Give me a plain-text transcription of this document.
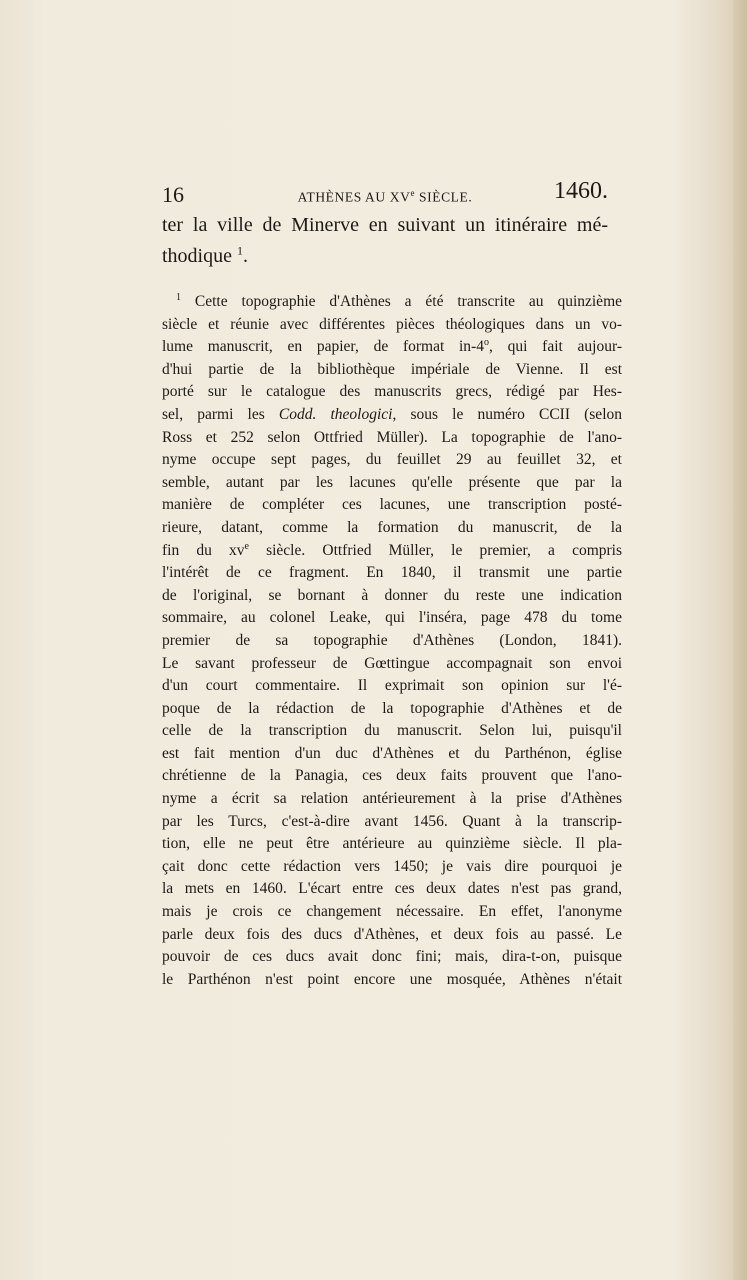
16	ATHÈNES AU XVe SIÈCLE.	1460.
ter la ville de Minerve en suivant un itinéraire mé-
thodique $^1$.
$^1$ Cette topographie d'Athènes a été transcrite au quinzième
siècle et réunie avec différentes pièces théologiques dans un vo-
lume manuscrit, en papier, de format in-4$^o$, qui fait aujour-
d'hui partie de la bibliothèque impériale de Vienne. Il est
porté sur le catalogue des manuscrits grecs, rédigé par Hes-
sel, parmi les Codd. theologici, sous le numéro CCII (selon
Ross et 252 selon Ottfried Müller). La topographie de l'ano-
nyme occupe sept pages, du feuillet 29 au feuillet 32, et
semble, autant par les lacunes qu'elle présente que par la
manière de compléter ces lacunes, une transcription posté-
rieure, datant, comme la formation du manuscrit, de la
fin du $xv^e$ siècle. Ottfried Müller, le premier, a compris
l'intérêt de ce fragment. En 1840, il transmit une partie
de l'original, se bornant à donner du reste une indication
sommaire, au colonel Leake, qui l'inséra, page 478 du tome
premier de sa topographie d'Athènes (London, 1841).
Le savant professeur de Gœttingue accompagnait son envoi
d'un court commentaire. Il exprimait son opinion sur l'é-
poque de la rédaction de la topographie d'Athènes et de
celle de la transcription du manuscrit. Selon lui, puisqu'il
est fait mention d'un duc d'Athènes et du Parthénon, église
chrétienne de la Panagia, ces deux faits prouvent que l'ano-
nyme a écrit sa relation antérieurement à la prise d'Athènes
par les Turcs, c'est-à-dire avant 1456. Quant à la transcrip-
tion, elle ne peut être antérieure au quinzième siècle. Il pla-
çait donc cette rédaction vers 1450; je vais dire pourquoi je
la mets en 1460. L'écart entre ces deux dates n'est pas grand,
mais je crois ce changement nécessaire. En effet, l'anonyme
parle deux fois des ducs d'Athènes, et deux fois au passé. Le
pouvoir de ces ducs avait donc fini; mais, dira-t-on, puisque
le Parthénon n'est point encore une mosquée, Athènes n'était
